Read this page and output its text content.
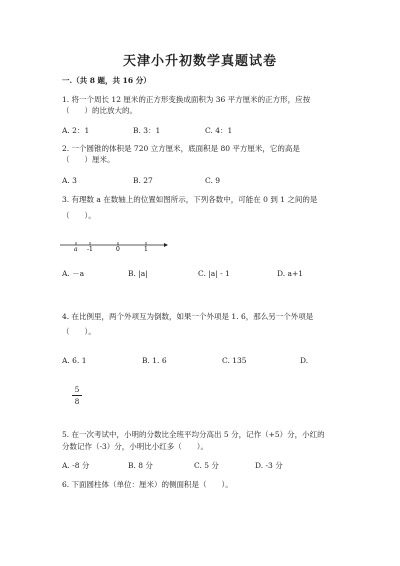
天津小升初数学真题试卷
一.（共 8 题，共 16 分）
1. 将一个周长 12 厘米的正方形变换成面积为 36 平方厘米的正方形，应按
（　　）的比放大的。
A. 2：1	B. 3：1	C. 4：1
2. 一个圆锥的体积是 720 立方厘米，底面积是 80 平方厘米，它的高是
（　　）厘米。
A. 3	B. 27	C. 9
3. 有理数 a 在数轴上的位置如图所示，下列各数中，可能在 0 到 1 之间的是
（　　）。
a -1	0	1
A. －a	B. |a|	C. |a| - 1	D. a+1
4. 在比例里，两个外项互为倒数，如果一个外项是 1. 6，那么另一个外项是
（　　）。
A. 6. 1	B. 1. 6	C. 135	D.
5
8
5. 在一次考试中，小明的分数比全班平均分高出 5 分，记作（+5）分，小红的
分数记作（-3）分，小明比小红多（　　）。
A. -8 分	B. 8 分	C. 5 分	D. -3 分
6. 下面圆柱体（单位：厘米）的侧面积是（　　）。
